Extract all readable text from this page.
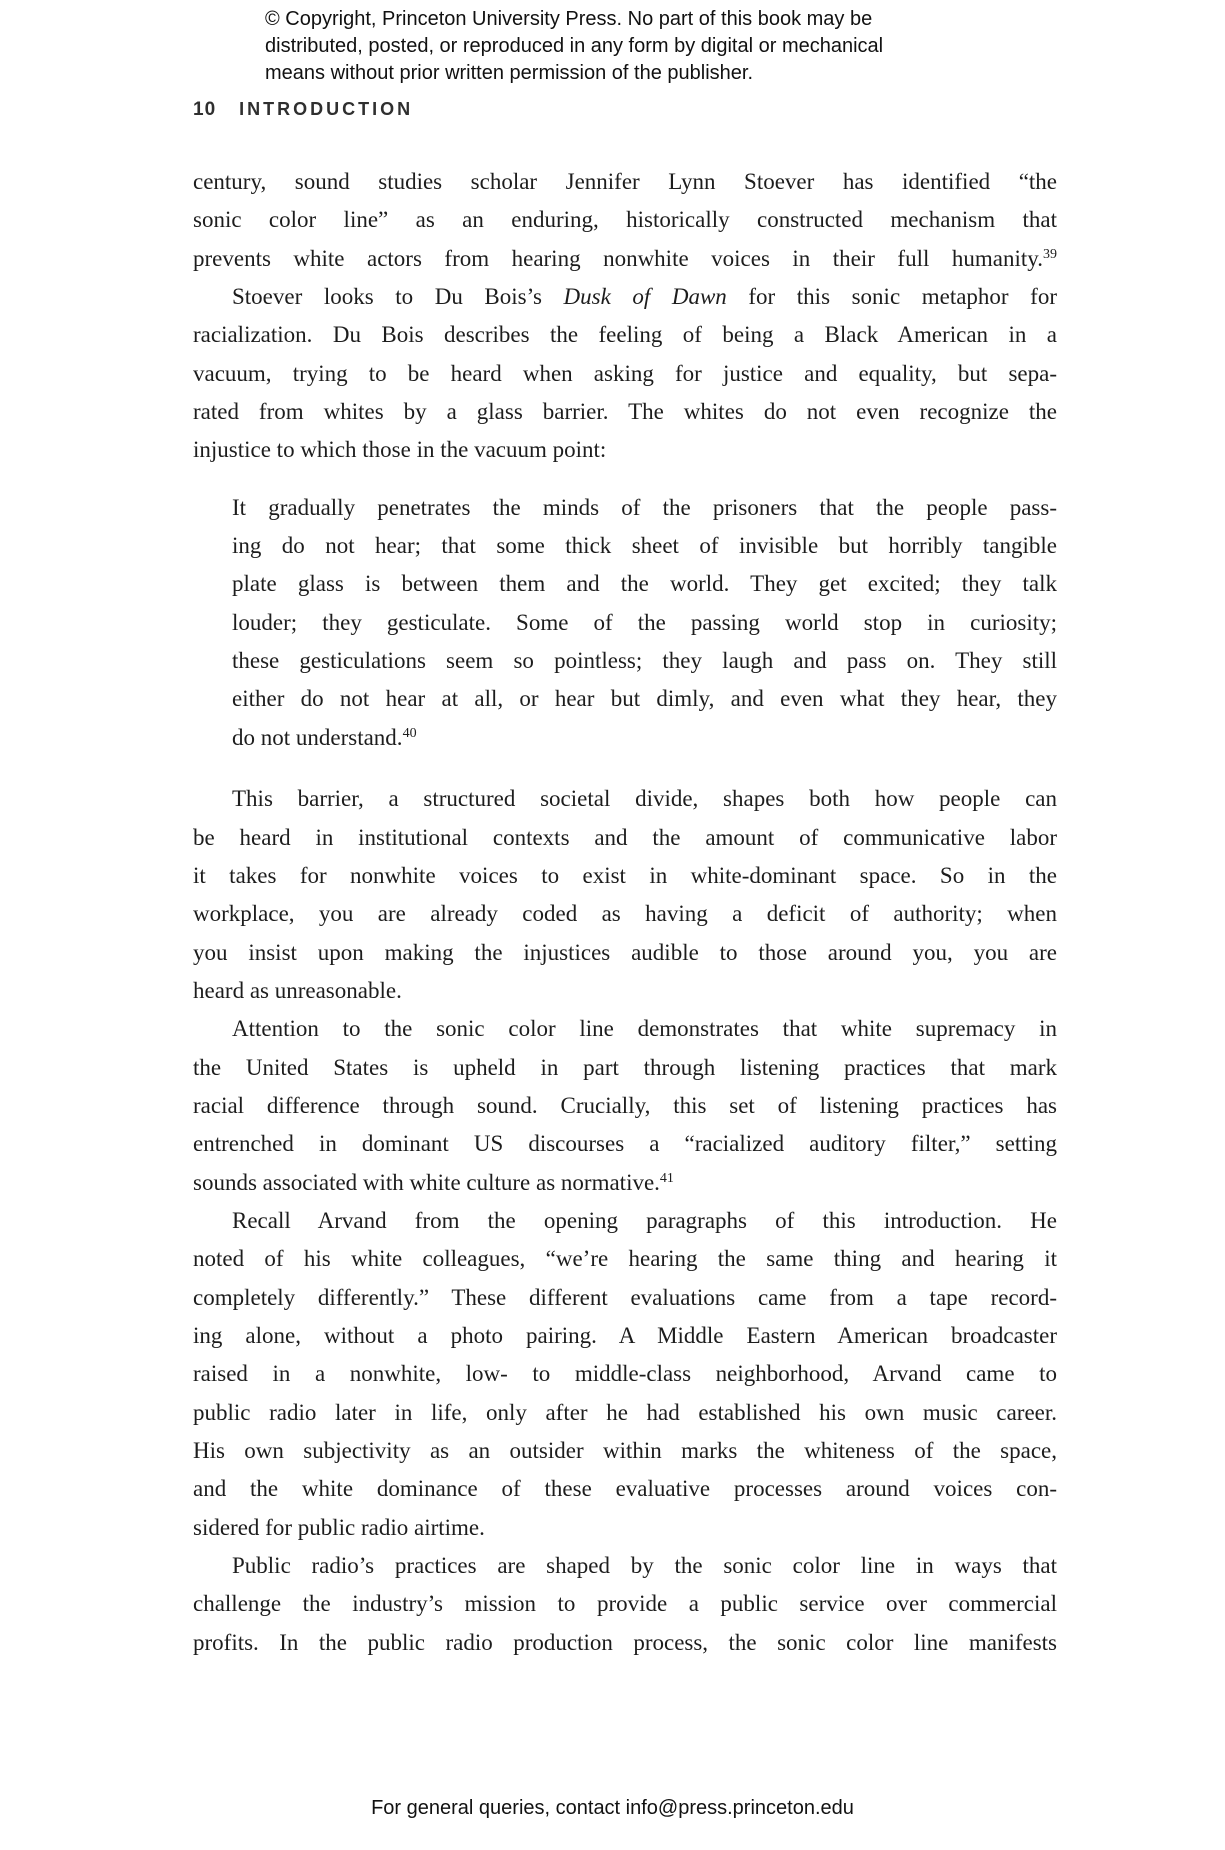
© Copyright, Princeton University Press. No part of this book may be
distributed, posted, or reproduced in any form by digital or mechanical
means without prior written permission of the publisher.
10 INTRODUCTION
century, sound studies scholar Jennifer Lynn Stoever has identified “the
sonic color line” as an enduring, historically constructed mechanism that
prevents white actors from hearing nonwhite voices in their full humanity.$^{39}$
Stoever looks to Du Bois’s Dusk of Dawn for this sonic metaphor for
racialization. Du Bois describes the feeling of being a Black American in a
vacuum, trying to be heard when asking for justice and equality, but sepa-
rated from whites by a glass barrier. The whites do not even recognize the
injustice to which those in the vacuum point:
It gradually penetrates the minds of the prisoners that the people pass-
ing do not hear; that some thick sheet of invisible but horribly tangible
plate glass is between them and the world. They get excited; they talk
louder; they gesticulate. Some of the passing world stop in curiosity;
these gesticulations seem so pointless; they laugh and pass on. They still
either do not hear at all, or hear but dimly, and even what they hear, they
do not understand.$^{40}$
This barrier, a structured societal divide, shapes both how people can
be heard in institutional contexts and the amount of communicative labor
it takes for nonwhite voices to exist in white-dominant space. So in the
workplace, you are already coded as having a deficit of authority; when
you insist upon making the injustices audible to those around you, you are
heard as unreasonable.
Attention to the sonic color line demonstrates that white supremacy in
the United States is upheld in part through listening practices that mark
racial difference through sound. Crucially, this set of listening practices has
entrenched in dominant US discourses a “racialized auditory filter,” setting
sounds associated with white culture as normative.$^{41}$
Recall Arvand from the opening paragraphs of this introduction. He
noted of his white colleagues, “we’re hearing the same thing and hearing it
completely differently.” These different evaluations came from a tape record-
ing alone, without a photo pairing. A Middle Eastern American broadcaster
raised in a nonwhite, low- to middle-class neighborhood, Arvand came to
public radio later in life, only after he had established his own music career.
His own subjectivity as an outsider within marks the whiteness of the space,
and the white dominance of these evaluative processes around voices con-
sidered for public radio airtime.
Public radio’s practices are shaped by the sonic color line in ways that
challenge the industry’s mission to provide a public service over commercial
profits. In the public radio production process, the sonic color line manifests
For general queries, contact info@press.princeton.edu
